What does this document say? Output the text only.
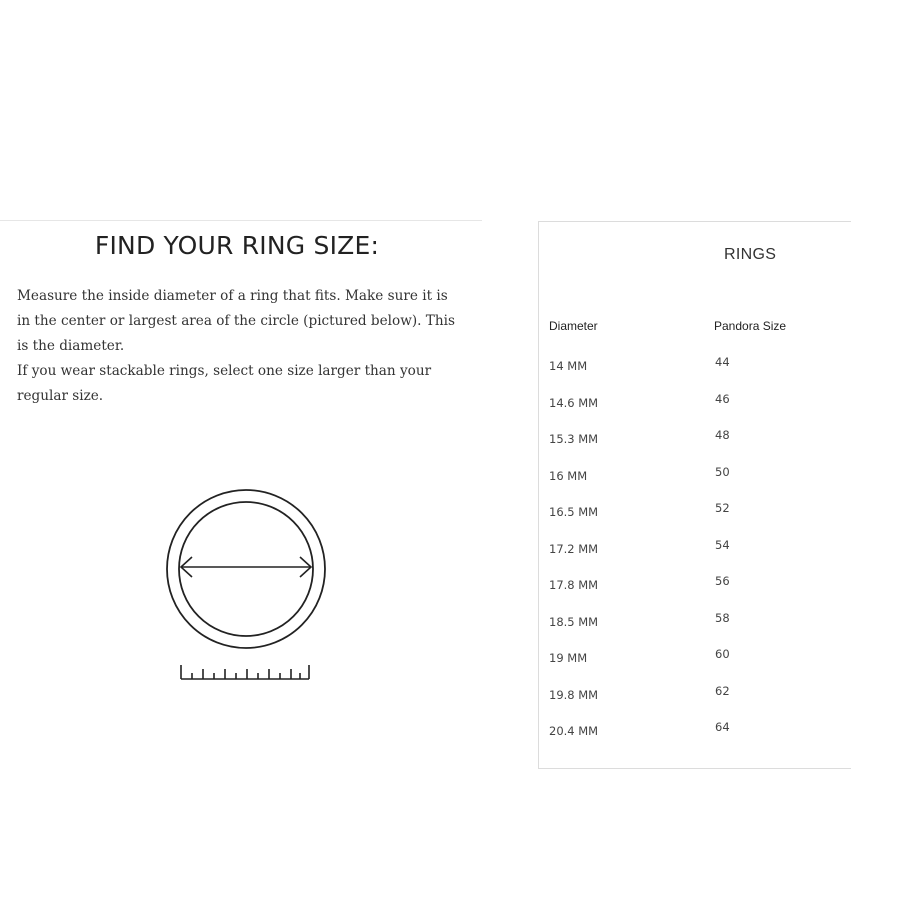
FIND YOUR RING SIZE:

Measure the inside diameter of a ring that fits. Make sure it is in the center or largest area of the circle (pictured below). This is the diameter.

If you wear stackable rings, select one size larger than your regular size.

RINGS
Diameter	Pandora Size
14 MM	44
14.6 MM	46
15.3 MM	48
16 MM	50
16.5 MM	52
17.2 MM	54
17.8 MM	56
18.5 MM	58
19 MM	60
19.8 MM	62
20.4 MM	64
